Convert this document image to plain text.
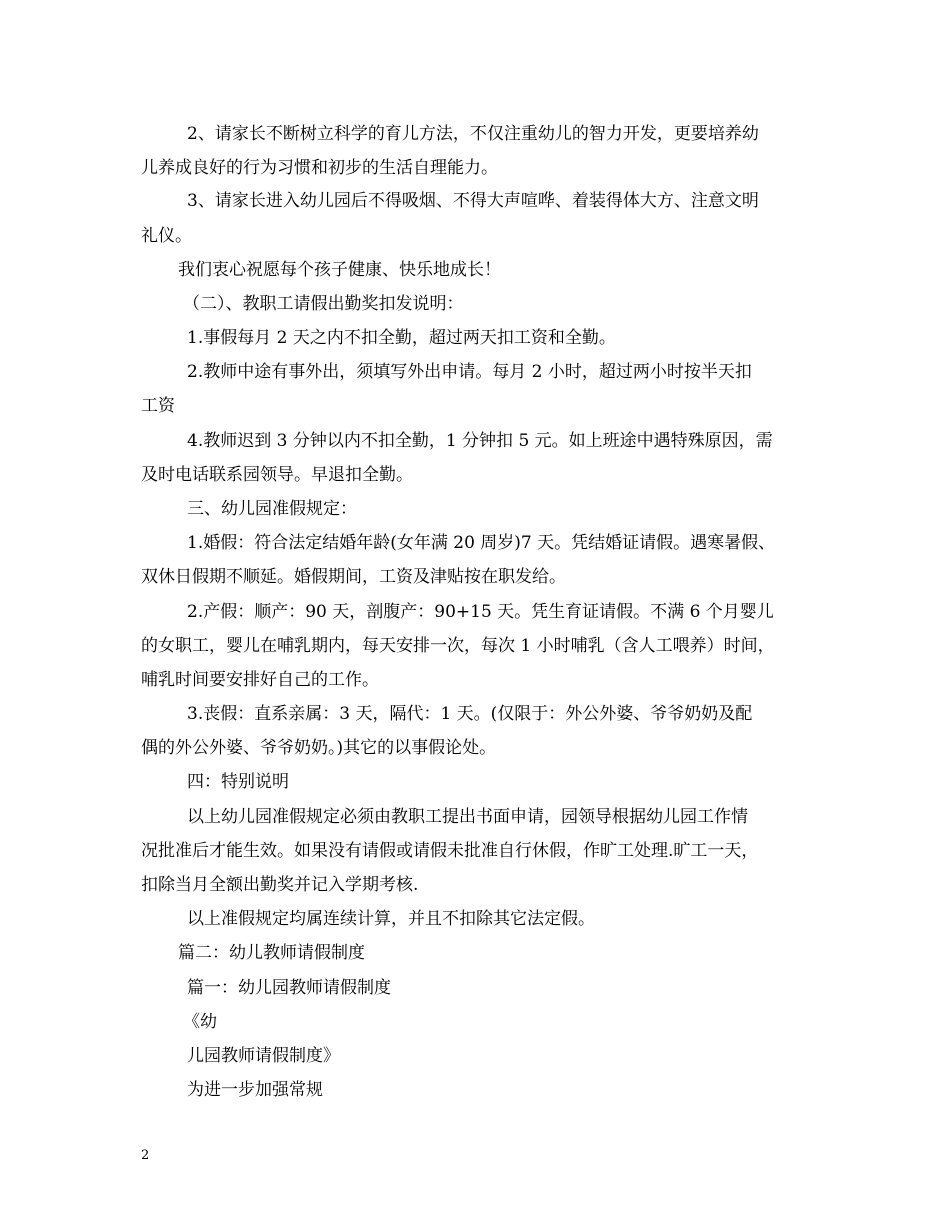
2、请家长不断树立科学的育儿方法，不仅注重幼儿的智力开发，更要培养幼
儿养成良好的行为习惯和初步的生活自理能力。
3、请家长进入幼儿园后不得吸烟、不得大声喧哗、着装得体大方、注意文明
礼仪。
我们衷心祝愿每个孩子健康、快乐地成长！
（二）、教职工请假出勤奖扣发说明：
1.事假每月 2 天之内不扣全勤，超过两天扣工资和全勤。
2.教师中途有事外出，须填写外出申请。每月 2 小时，超过两小时按半天扣
工资
4.教师迟到 3 分钟以内不扣全勤，1 分钟扣 5 元。如上班途中遇特殊原因，需
及时电话联系园领导。早退扣全勤。
三、幼儿园准假规定：
1.婚假：符合法定结婚年龄(女年满 20 周岁)7 天。凭结婚证请假。遇寒暑假、
双休日假期不顺延。婚假期间，工资及津贴按在职发给。
2.产假：顺产：90 天，剖腹产：90+15 天。凭生育证请假。不满 6 个月婴儿
的女职工，婴儿在哺乳期内，每天安排一次，每次 1 小时哺乳（含人工喂养）时间，
哺乳时间要安排好自己的工作。
3.丧假：直系亲属：3 天，隔代：1 天。(仅限于：外公外婆、爷爷奶奶及配
偶的外公外婆、爷爷奶奶。)其它的以事假论处。
四：特别说明
以上幼儿园准假规定必须由教职工提出书面申请，园领导根据幼儿园工作情
况批准后才能生效。如果没有请假或请假未批准自行休假，作旷工处理.旷工一天，
扣除当月全额出勤奖并记入学期考核.
以上准假规定均属连续计算，并且不扣除其它法定假。
篇二：幼儿教师请假制度
篇一：幼儿园教师请假制度
《幼
儿园教师请假制度》
为进一步加强常规
2
